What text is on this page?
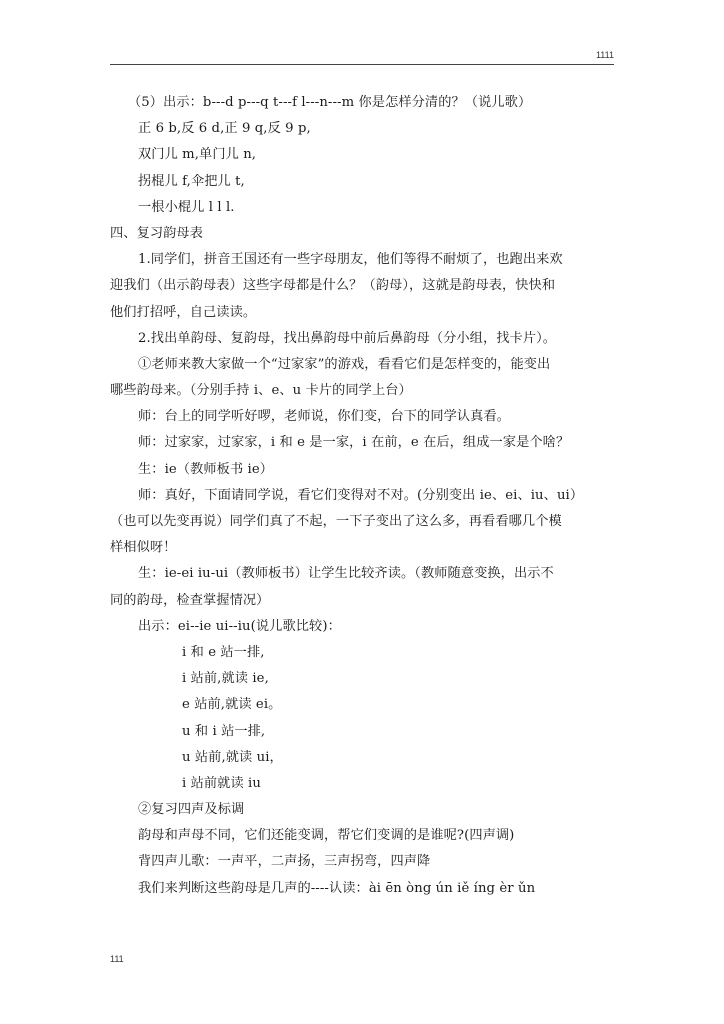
1111
（5）出示：b---d p---q t---f l---n---m 你是怎样分清的？（说儿歌）
正 6 b,反 6 d,正 9 q,反 9 p,
双门儿 m,单门儿 n,
拐棍儿 f,伞把儿 t,
一根小棍儿 l l l.
四、复习韵母表
1.同学们，拼音王国还有一些字母朋友，他们等得不耐烦了，也跑出来欢
迎我们（出示韵母表）这些字母都是什么？（韵母），这就是韵母表，快快和
他们打招呼，自己读读。
2.找出单韵母、复韵母，找出鼻韵母中前后鼻韵母（分小组，找卡片）。
①老师来教大家做一个“过家家”的游戏，看看它们是怎样变的，能变出
哪些韵母来。（分别手持 i、e、u 卡片的同学上台）
师：台上的同学听好啰，老师说，你们变，台下的同学认真看。
师：过家家，过家家，i 和 e 是一家，i 在前，e 在后，组成一家是个啥？
生：ie（教师板书 ie）
师：真好，下面请同学说，看它们变得对不对。(分别变出 ie、ei、iu、ui）
（也可以先变再说）同学们真了不起，一下子变出了这么多，再看看哪几个模
样相似呀！
生：ie-ei iu-ui（教师板书）让学生比较齐读。（教师随意变换，出示不
同的韵母，检查掌握情况）
出示：ei--ie ui--iu(说儿歌比较)：
i 和 e 站一排,
i 站前,就读 ie,
e 站前,就读 ei。
u 和 i 站一排,
u 站前,就读 ui，
i 站前就读 iu
②复习四声及标调
韵母和声母不同，它们还能变调，帮它们变调的是谁呢?(四声调)
背四声儿歌：一声平，二声扬，三声拐弯，四声降
我们来判断这些韵母是几声的----认读：ài ēn òng ún iě íng èr ǔn
111
